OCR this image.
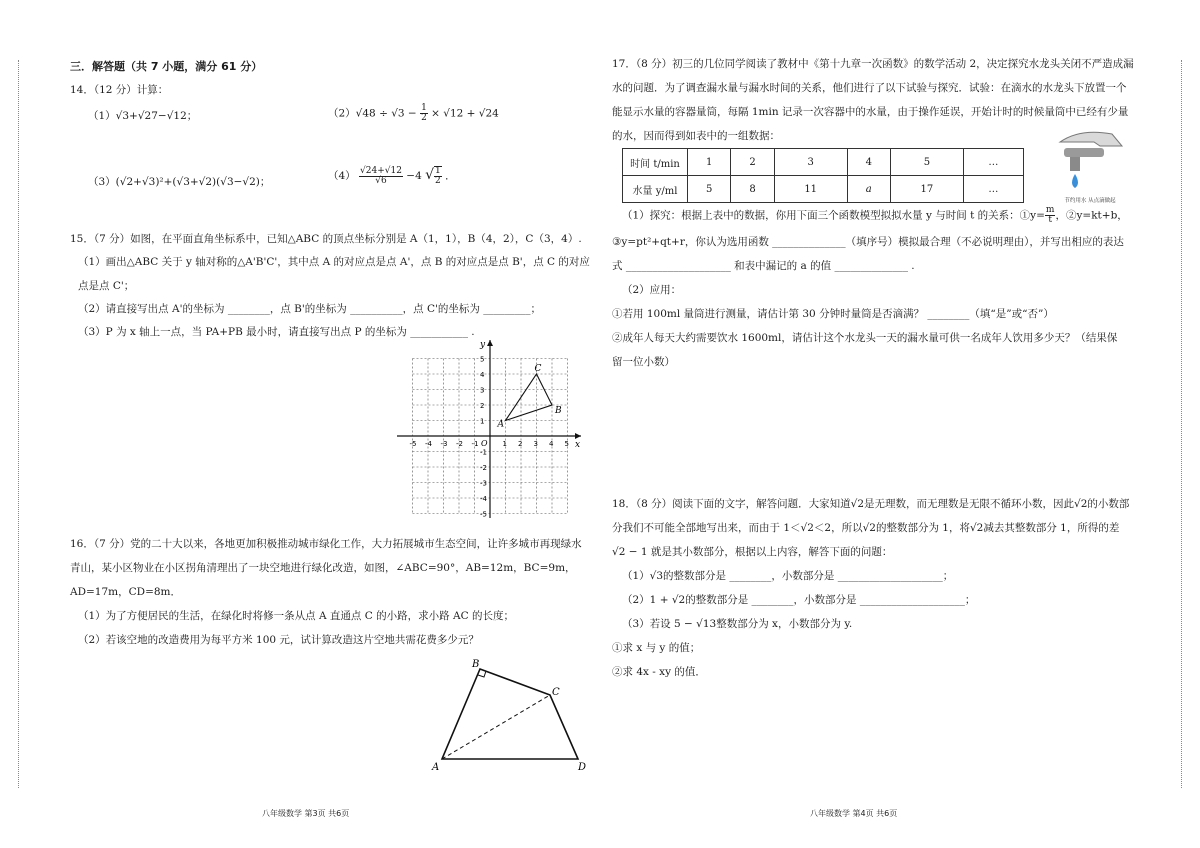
三．解答题（共 7 小题，满分 61 分）
14．（12 分）计算：
（1）√3+√27−√12；	$(2)√48 \div √3 - \frac{1}{2} \times √12 + √24$
（3）(√2+√3)²+(√3+√2)(√3−√2)；	$(4) \frac{√24+√12}{√6} -4$ √ $\frac{1}{2}$ ．
15．（7 分）如图，在平面直角坐标系中，已知△ABC 的顶点坐标分别是 A（1，1），B（4，2），C（3，4）.
（1）画出△ABC 关于 y 轴对称的△A'B'C'，其中点 A 的对应点是点 A'，点 B 的对应点是点 B'，点 C 的对应
点是点 C'；
（2）请直接写出点 A'的坐标为 ________，点 B'的坐标为 __________，点 C'的坐标为 _________；
（3）P 为 x 轴上一点，当 PA+PB 最小时，请直接写出点 P 的坐标为 ___________ .
16．（7 分）党的二十大以来，各地更加积极推动城市绿化工作，大力拓展城市生态空间，让许多城市再现绿水
青山，某小区物业在小区拐角清理出了一块空地进行绿化改造，如图，∠ABC=90°，AB=12m，BC=9m，
AD=17m，CD=8m．
（1）为了方便居民的生活，在绿化时将修一条从点 A 直通点 C 的小路，求小路 AC 的长度；
（2）若该空地的改造费用为每平方米 100 元，试计算改造这片空地共需花费多少元？
x
y
O
-5 -4 -3 -2 -1	1 2 3 4 5
5
4
3
2
1
-1
-2
-3
-4
-5
A
B
C
B
C
A	D
八年级数学 第3页 共6页
17．（8 分）初三的几位同学阅读了教材中《第十九章一次函数》的数学活动 2，决定探究水龙头关闭不严造成漏
水的问题．为了调查漏水量与漏水时间的关系，他们进行了以下试验与探究．试验：在滴水的水龙头下放置一个
能显示水量的容器量筒，每隔 1min 记录一次容器中的水量，由于操作延误，开始计时的时候量筒中已经有少量
的水，因而得到如表中的一组数据：
（1）探究：根据上表中的数据，你用下面三个函数模型拟拟水量 y 与时间 t 的关系：①y= $\frac{m}{t}$ ，②y=kt+b，
③y=pt²+qt+r，你认为选用函数 ______________（填序号）模拟最合理（不必说明理由），并写出相应的表达
式 ____________________ 和表中漏记的 a 的值 ______________ .
（2）应用：
①若用 100ml 量筒进行测量，请估计第 30 分钟时量筒是否滴满？ ________（填“是”或“否”）
②成年人每天大约需要饮水 1600ml，请估计这个水龙头一天的漏水量可供一名成年人饮用多少天？（结果保
留一位小数）
18．（8 分）阅读下面的文字，解答问题．大家知道√2是无理数，而无理数是无限不循环小数，因此√2的小数部
分我们不可能全部地写出来，而由于 1＜√2＜2，所以√2的整数部分为 1，将√2减去其整数部分 1，所得的差
√2 − 1 就是其小数部分，根据以上内容，解答下面的问题：
（1）√3的整数部分是 ________，小数部分是 ____________________；
（2）1 + √2的整数部分是 ________，小数部分是 ____________________；
（3）若设 5 − √13整数部分为 x，小数部分为 y.
①求 x 与 y 的值；
②求 4x - xy 的值．
时间 t/min	1	2	3	4	5	…
水量 y/ml	5	8	11	a	17	…
节约用水 从点滴做起
八年级数学 第4页 共6页
